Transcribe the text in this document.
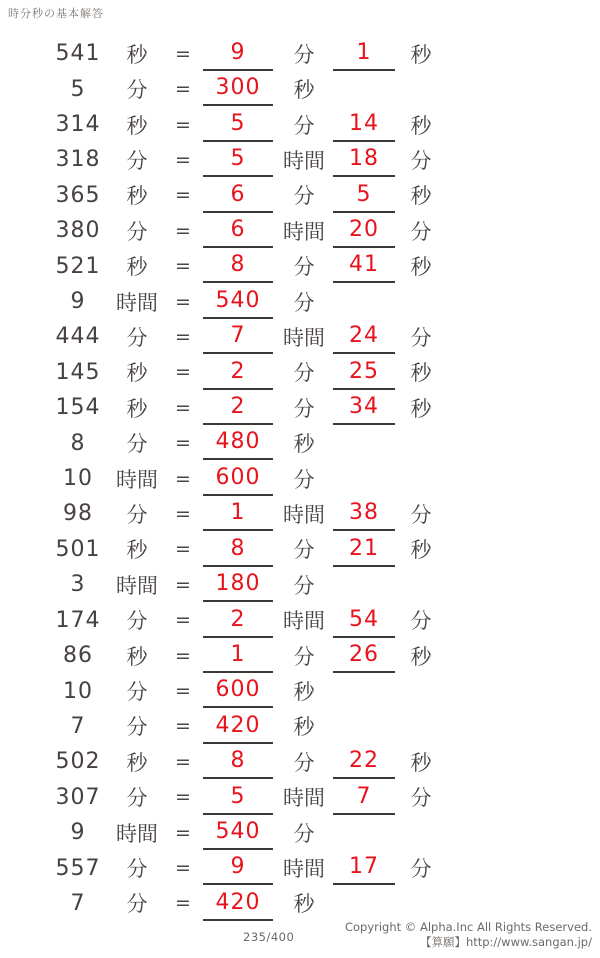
時分秒の基本解答
541	秒	=	9	分	1	秒
5	分	=	300	秒
314	秒	=	5	分	14	秒
318	分	=	5	時間	18	分
365	秒	=	6	分	5	秒
380	分	=	6	時間	20	分
521	秒	=	8	分	41	秒
9	時間 =	540	分
444	分	=	7	時間	24	分
145	秒	=	2	分	25	秒
154	秒	=	2	分	34	秒
8	分	=	480	秒
10	時間 =	600	分
98	分	=	1	時間	38	分
501	秒	=	8	分	21	秒
3	時間 =	180	分
174	分	=	2	時間	54	分
86	秒	=	1	分	26	秒
10	分	=	600	秒
7	分	=	420	秒
502	秒	=	8	分	22	秒
307	分	=	5	時間	7	分
9	時間 =	540	分
557	分	=	9	時間	17	分
7	分	=	420	秒
235/400
Copyright © Alpha.Inc All Rights Reserved.
【算願】http://www.sangan.jp/
